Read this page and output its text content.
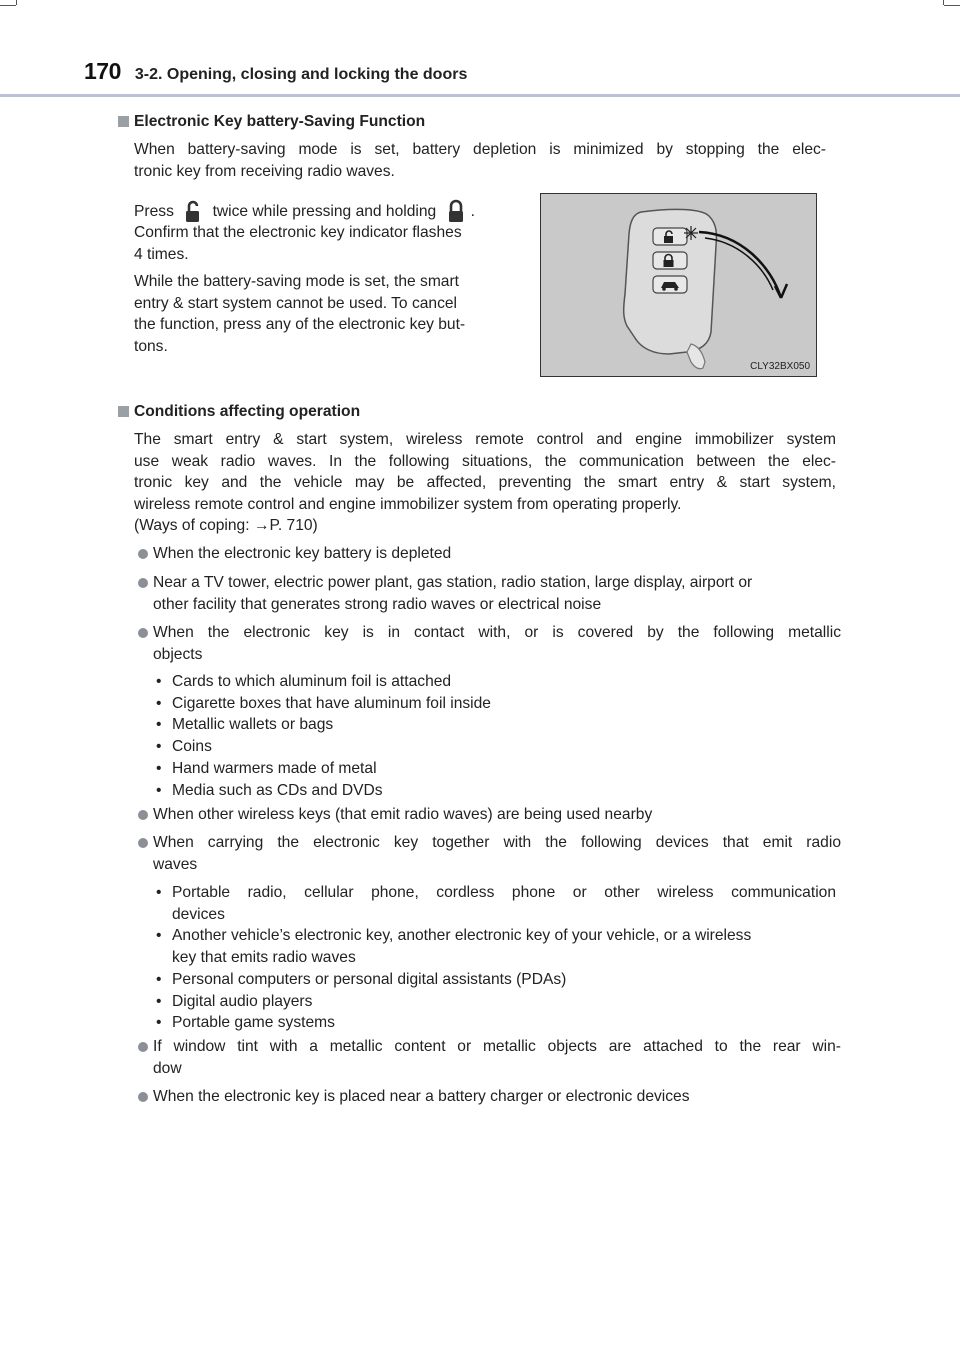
170 3-2. Opening, closing and locking the doors
Electronic Key battery-Saving Function
When battery-saving mode is set, battery depletion is minimized by stopping the elec-
tronic key from receiving radio waves.
Press twice while pressing and holding .
Confirm that the electronic key indicator flashes
4 times.
While the battery-saving mode is set, the smart
entry & start system cannot be used. To cancel
the function, press any of the electronic key but-
tons.
CLY32BX050
Conditions affecting operation
The smart entry & start system, wireless remote control and engine immobilizer system
use weak radio waves. In the following situations, the communication between the elec-
tronic key and the vehicle may be affected, preventing the smart entry & start system,
wireless remote control and engine immobilizer system from operating properly.
(Ways of coping: →P. 710)
When the electronic key battery is depleted
Near a TV tower, electric power plant, gas station, radio station, large display, airport or
other facility that generates strong radio waves or electrical noise
When the electronic key is in contact with, or is covered by the following metallic
objects
• Cards to which aluminum foil is attached
• Cigarette boxes that have aluminum foil inside
• Metallic wallets or bags
• Coins
• Hand warmers made of metal
• Media such as CDs and DVDs
When other wireless keys (that emit radio waves) are being used nearby
When carrying the electronic key together with the following devices that emit radio
waves
• Portable radio, cellular phone, cordless phone or other wireless communication
devices
• Another vehicle’s electronic key, another electronic key of your vehicle, or a wireless
key that emits radio waves
• Personal computers or personal digital assistants (PDAs)
• Digital audio players
• Portable game systems
If window tint with a metallic content or metallic objects are attached to the rear win-
dow
When the electronic key is placed near a battery charger or electronic devices
